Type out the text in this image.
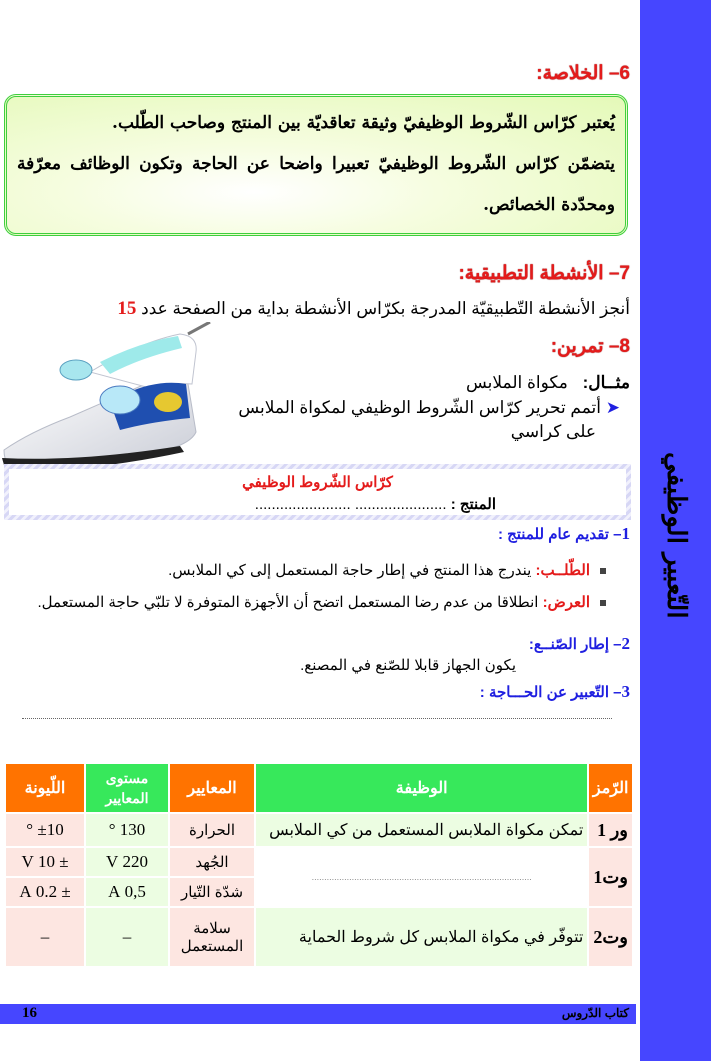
التّعبير الوظيفي
6– الخلاصة:

يُعتبر كرّاس الشّروط الوظيفيّ وثيقة تعاقديّة بين المنتج وصاحب الطّلب.

يتضمّن كرّاس الشّروط الوظيفيّ تعبيرا واضحا عن الحاجة وتكون الوظائف معرّفة ومحدّدة الخصائص.

7– الأنشطة التطبيقية:
أنجز الأنشطة التّطبيقيّة المدرجة بكرّاس الأنشطة بداية من الصفحة عدد 15
8– تمرين:
مثــال: مكواة الملابس
➤ أتمم تحرير كرّاس الشّروط الوظيفي لمكواة الملابس
على كراسي
كرّاس الشّروط الوظيفي
المنتج : ...................... .......................
1– تقديم عام للمنتج :
الطّلــب: يندرج هذا المنتج في إطار حاجة المستعمل إلى كي الملابس.
العرض: انطلاقا من عدم رضا المستعمل اتضح أن الأجهزة المتوفرة لا تلبّي حاجة المستعمل.
2– إطار الصّنــع:
يكون الجهاز قابلا للصّنع في المصنع.
3– التّعبير عن الحـــاجة :
الرّمز	الوظيفة	المعايير	مستوى المعايير	اللّيونة
ور 1	تمكن مكواة الملابس المستعمل من كي الملابس	الحرارة	130 °	±10 °
وت1	........................................................................................	الجُهد	220 V	± 10 V
		شدّة التّيار	0,5 A	± 0.2 A
وت2	تتوفّر في مكواة الملابس كل شروط الحماية	سلامة المستعمل	–	–
16	كتاب الدّروس
